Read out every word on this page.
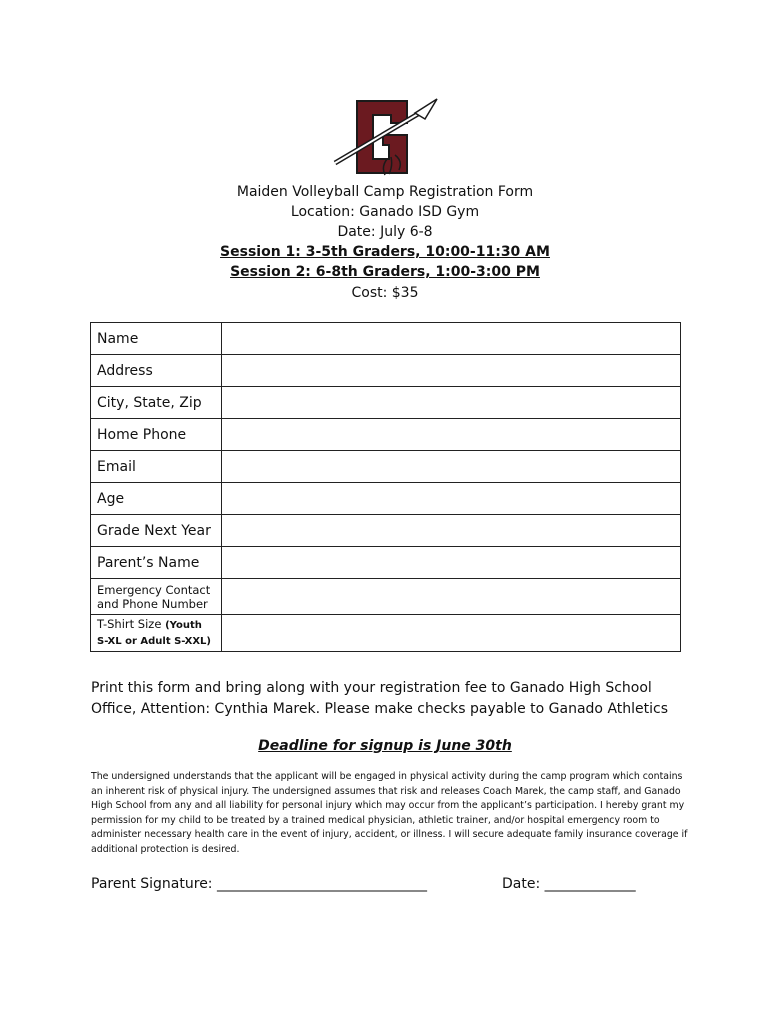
Maiden Volleyball Camp Registration Form
Location: Ganado ISD Gym
Date: July 6-8
Session 1: 3-5th Graders, 10:00-11:30 AM
Session 2: 6-8th Graders, 1:00-3:00 PM
Cost: $35
Name	
Address	
City, State, Zip	
Home Phone	
Email	
Age	
Grade Next Year	
Parent’s Name	
Emergency Contact and Phone Number	
T-Shirt Size (Youth S-XL or Adult S-XXL)	
Print this form and bring along with your registration fee to Ganado High School Office, Attention: Cynthia Marek. Please make checks payable to Ganado Athletics
Deadline for signup is June 30th
The undersigned understands that the applicant will be engaged in physical activity during the camp program which contains an inherent risk of physical injury. The undersigned assumes that risk and releases Coach Marek, the camp staff, and Ganado High School from any and all liability for personal injury which may occur from the applicant’s participation. I hereby grant my permission for my child to be treated by a trained medical physician, athletic trainer, and/or hospital emergency room to administer necessary health care in the event of injury, accident, or illness. I will secure adequate family insurance coverage if additional protection is desired.
Parent Signature: ______________________________	Date: _____________
